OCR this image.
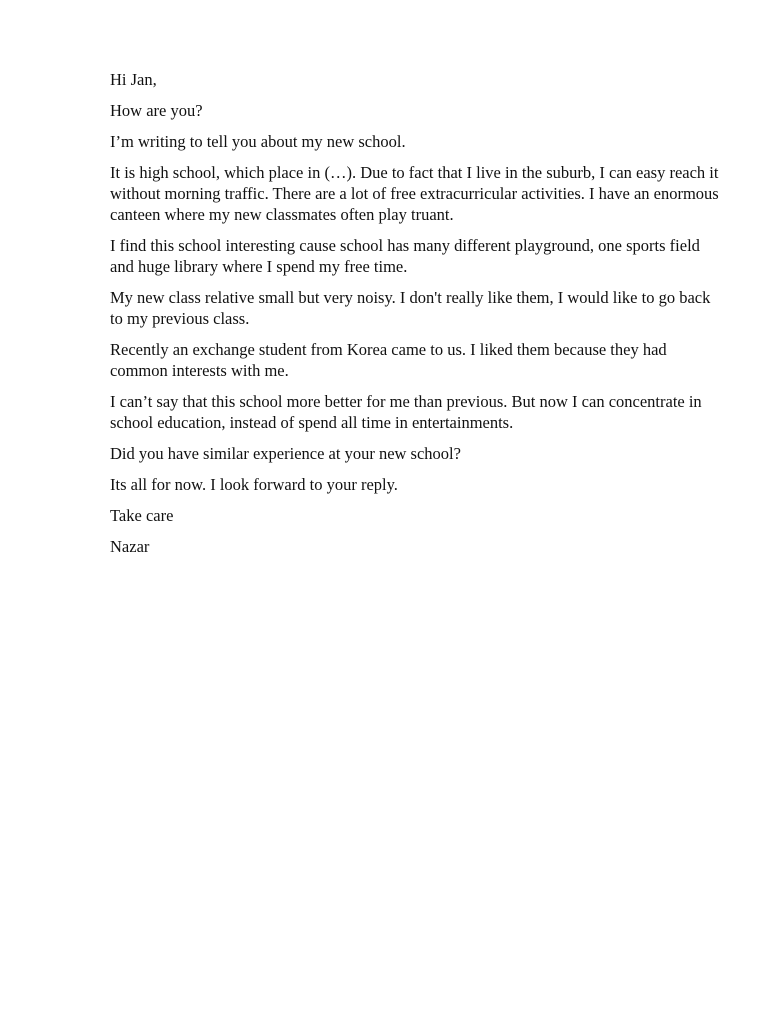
Hi Jan,

How are you?

I’m writing to tell you about my new school.

It is high school, which place in (…). Due to fact that I live in the suburb, I can easy reach it without morning traffic. There are a lot of free extracurricular activities. I have an enormous canteen where my new classmates often play truant.

I find this school interesting cause school has many different playground, one sports field and huge library where I spend my free time.

My new class relative small but very noisy. I don't really like them, I would like to go back to my previous class.

Recently an exchange student from Korea came to us. I liked them because they had common interests with me.

I can’t say that this school more better for me than previous. But now I can concentrate in school education, instead of spend all time in entertainments.

Did you have similar experience at your new school?

Its all for now. I look forward to your reply.

Take care

Nazar
